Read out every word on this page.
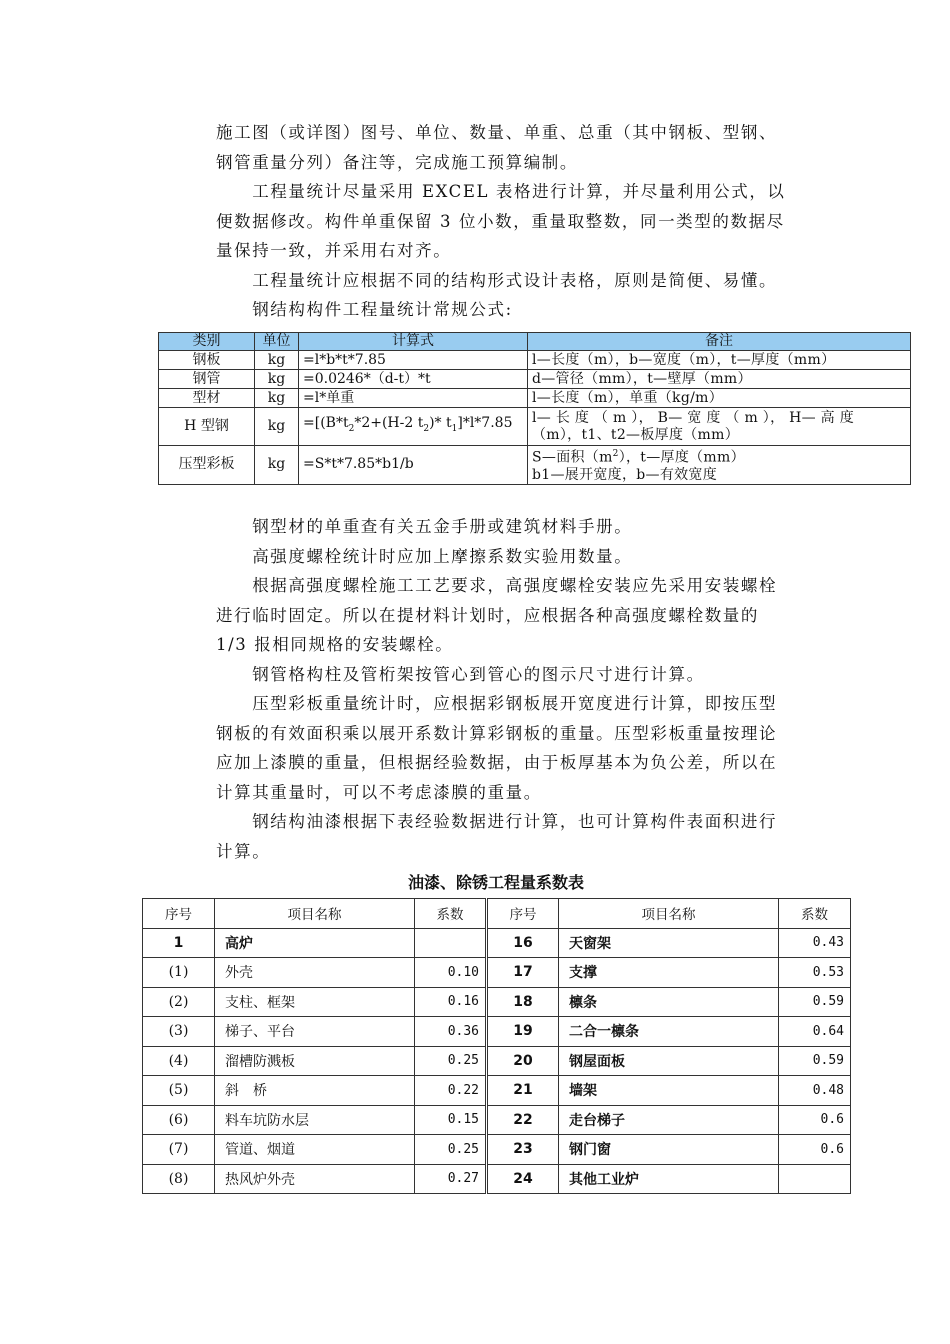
施工图（或详图）图号、单位、数量、单重、总重（其中钢板、型钢、
钢管重量分列）备注等，完成施工预算编制。
　　工程量统计尽量采用 EXCEL 表格进行计算，并尽量利用公式，以
便数据修改。构件单重保留 3 位小数，重量取整数，同一类型的数据尽
量保持一致，并采用右对齐。
　　工程量统计应根据不同的结构形式设计表格，原则是简便、易懂。
　　钢结构构件工程量统计常规公式:

类别	单位	计算式	备注
钢板	kg	=l*b*t*7.85	l—长度（m），b—宽度（m），t—厚度（mm）
钢管	kg	=0.0246*（d-t）*t	d—管径（mm），t—壁厚（mm）
型材	kg	=l*单重	l—长度（m），单重（kg/m）
H 型钢	kg	$=[(B*t_2*2+(H-2$ $t_2)*$ $t_1]*l*7.85$	l— 长 度 （ m ）， B— 宽 度 （ m ）， H— 高 度
（m），t1、t2—板厚度（mm）

压型彩板	kg	=S*t*7.85*b1/b	S—面积$(m^2)$，t—厚度（mm）
b1—展开宽度，b—有效宽度

　　钢型材的单重查有关五金手册或建筑材料手册。
　　高强度螺栓统计时应加上摩擦系数实验用数量。
　　根据高强度螺栓施工工艺要求，高强度螺栓安装应先采用安装螺栓
进行临时固定。所以在提材料计划时，应根据各种高强度螺栓数量的
1/3 报相同规格的安装螺栓。
　　钢管格构柱及管桁架按管心到管心的图示尺寸进行计算。
　　压型彩板重量统计时，应根据彩钢板展开宽度进行计算，即按压型
钢板的有效面积乘以展开系数计算彩钢板的重量。压型彩板重量按理论
应加上漆膜的重量，但根据经验数据，由于板厚基本为负公差，所以在
计算其重量时，可以不考虑漆膜的重量。
　　钢结构油漆根据下表经验数据进行计算，也可计算构件表面积进行
计算。

油漆、除锈工程量系数表

序号	项目名称	系数	序号	项目名称	系数
1	高炉		16	天窗架	0.43
(1)	外壳	0.10	17	支撑	0.53
(2)	支柱、框架	0.16	18	檩条	0.59
(3)	梯子、平台	0.36	19	二合一檩条	0.64
(4)	溜槽防溅板	0.25	20	钢屋面板	0.59
(5)	斜　桥	0.22	21	墙架	0.48
(6)	料车坑防水层	0.15	22	走台梯子	0.6
(7)	管道、烟道	0.25	23	钢门窗	0.6
(8)	热风炉外壳	0.27	24	其他工业炉	
